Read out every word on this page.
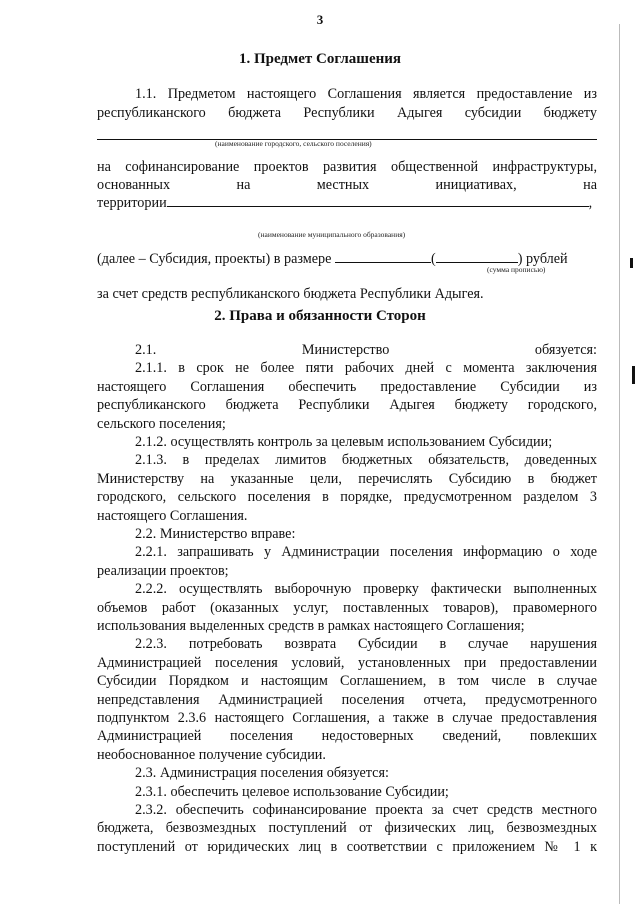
3
1. Предмет Соглашения
1.1. Предметом настоящего Соглашения является предоставление из
республиканского бюджета Республики Адыгея субсидии бюджету
(наименование городского, сельского поселения)
на софинансирование проектов развития общественной инфраструктуры,
основанных на местных инициативах, на
территории	,
(наименование муниципального образования)
(далее – Субсидия, проекты) в размере	(	) рублей
(сумма прописью)
за счет средств республиканского бюджета Республики Адыгея.
2. Права и обязанности Сторон
2.1. Министерство обязуется:
2.1.1. в срок не более пяти рабочих дней с момента заключения
настоящего Соглашения обеспечить предоставление Субсидии из
республиканского бюджета Республики Адыгея бюджету городского,
сельского поселения;
2.1.2. осуществлять контроль за целевым использованием Субсидии;
2.1.3. в пределах лимитов бюджетных обязательств, доведенных
Министерству на указанные цели, перечислять Субсидию в бюджет
городского, сельского поселения в порядке, предусмотренном разделом 3
настоящего Соглашения.
2.2. Министерство вправе:
2.2.1. запрашивать у Администрации поселения информацию о ходе
реализации проектов;
2.2.2. осуществлять выборочную проверку фактически выполненных
объемов работ (оказанных услуг, поставленных товаров), правомерного
использования выделенных средств в рамках настоящего Соглашения;
2.2.3. потребовать возврата Субсидии в случае нарушения
Администрацией поселения условий, установленных при предоставлении
Субсидии Порядком и настоящим Соглашением, в том числе в случае
непредставления Администрацией поселения отчета, предусмотренного
подпунктом 2.3.6 настоящего Соглашения, а также в случае предоставления
Администрацией поселения недостоверных сведений, повлекших
необоснованное получение субсидии.
2.3. Администрация поселения обязуется:
2.3.1. обеспечить целевое использование Субсидии;
2.3.2. обеспечить софинансирование проекта за счет средств местного
бюджета, безвозмездных поступлений от физических лиц, безвозмездных
поступлений от юридических лиц в соответствии с приложением № 1 к
